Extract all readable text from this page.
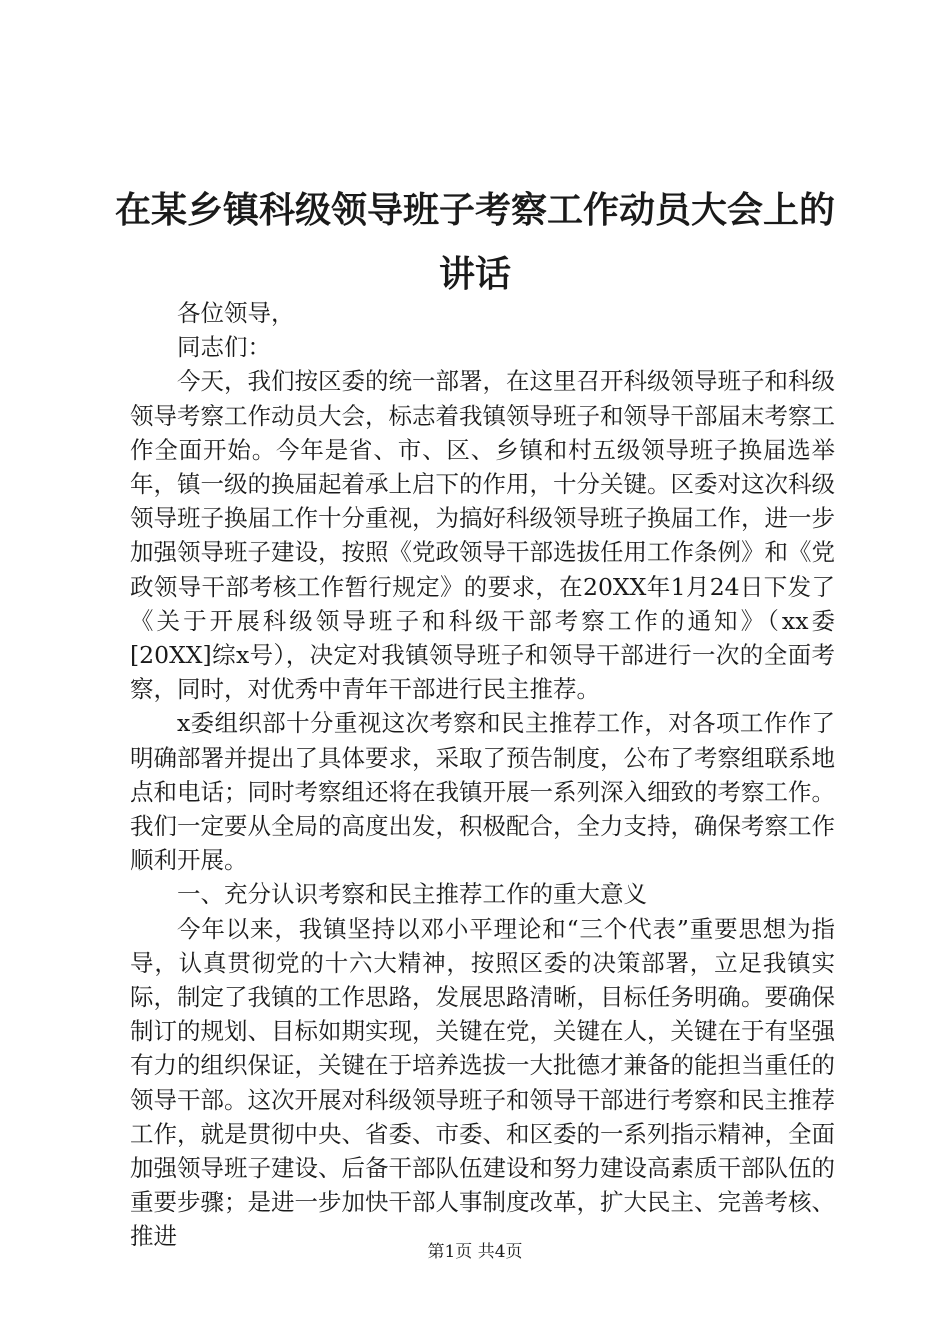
在某乡镇科级领导班子考察工作动员大会上的讲话

各位领导，

同志们：

今天，我们按区委的统一部署，在这里召开科级领导班子和科级领导考察工作动员大会，标志着我镇领导班子和领导干部届末考察工作全面开始。今年是省、市、区、乡镇和村五级领导班子换届选举年，镇一级的换届起着承上启下的作用，十分关键。区委对这次科级领导班子换届工作十分重视，为搞好科级领导班子换届工作，进一步加强领导班子建设，按照《党政领导干部选拔任用工作条例》和《党政领导干部考核工作暂行规定》的要求，在20XX年1月24日下发了《关于开展科级领导班子和科级干部考察工作的通知》（xx委[20XX]综x号），决定对我镇领导班子和领导干部进行一次的全面考察，同时，对优秀中青年干部进行民主推荐。

x委组织部十分重视这次考察和民主推荐工作，对各项工作作了明确部署并提出了具体要求，采取了预告制度，公布了考察组联系地点和电话；同时考察组还将在我镇开展一系列深入细致的考察工作。我们一定要从全局的高度出发，积极配合，全力支持，确保考察工作顺利开展。

一、充分认识考察和民主推荐工作的重大意义

今年以来，我镇坚持以邓小平理论和“三个代表”重要思想为指导，认真贯彻党的十六大精神，按照区委的决策部署，立足我镇实际，制定了我镇的工作思路，发展思路清晰，目标任务明确。要确保制订的规划、目标如期实现，关键在党，关键在人，关键在于有坚强有力的组织保证，关键在于培养选拔一大批德才兼备的能担当重任的领导干部。这次开展对科级领导班子和领导干部进行考察和民主推荐工作，就是贯彻中央、省委、市委、和区委的一系列指示精神，全面加强领导班子建设、后备干部队伍建设和努力建设高素质干部队伍的重要步骤；是进一步加快干部人事制度改革，扩大民主、完善考核、推进

第1页 共4页
